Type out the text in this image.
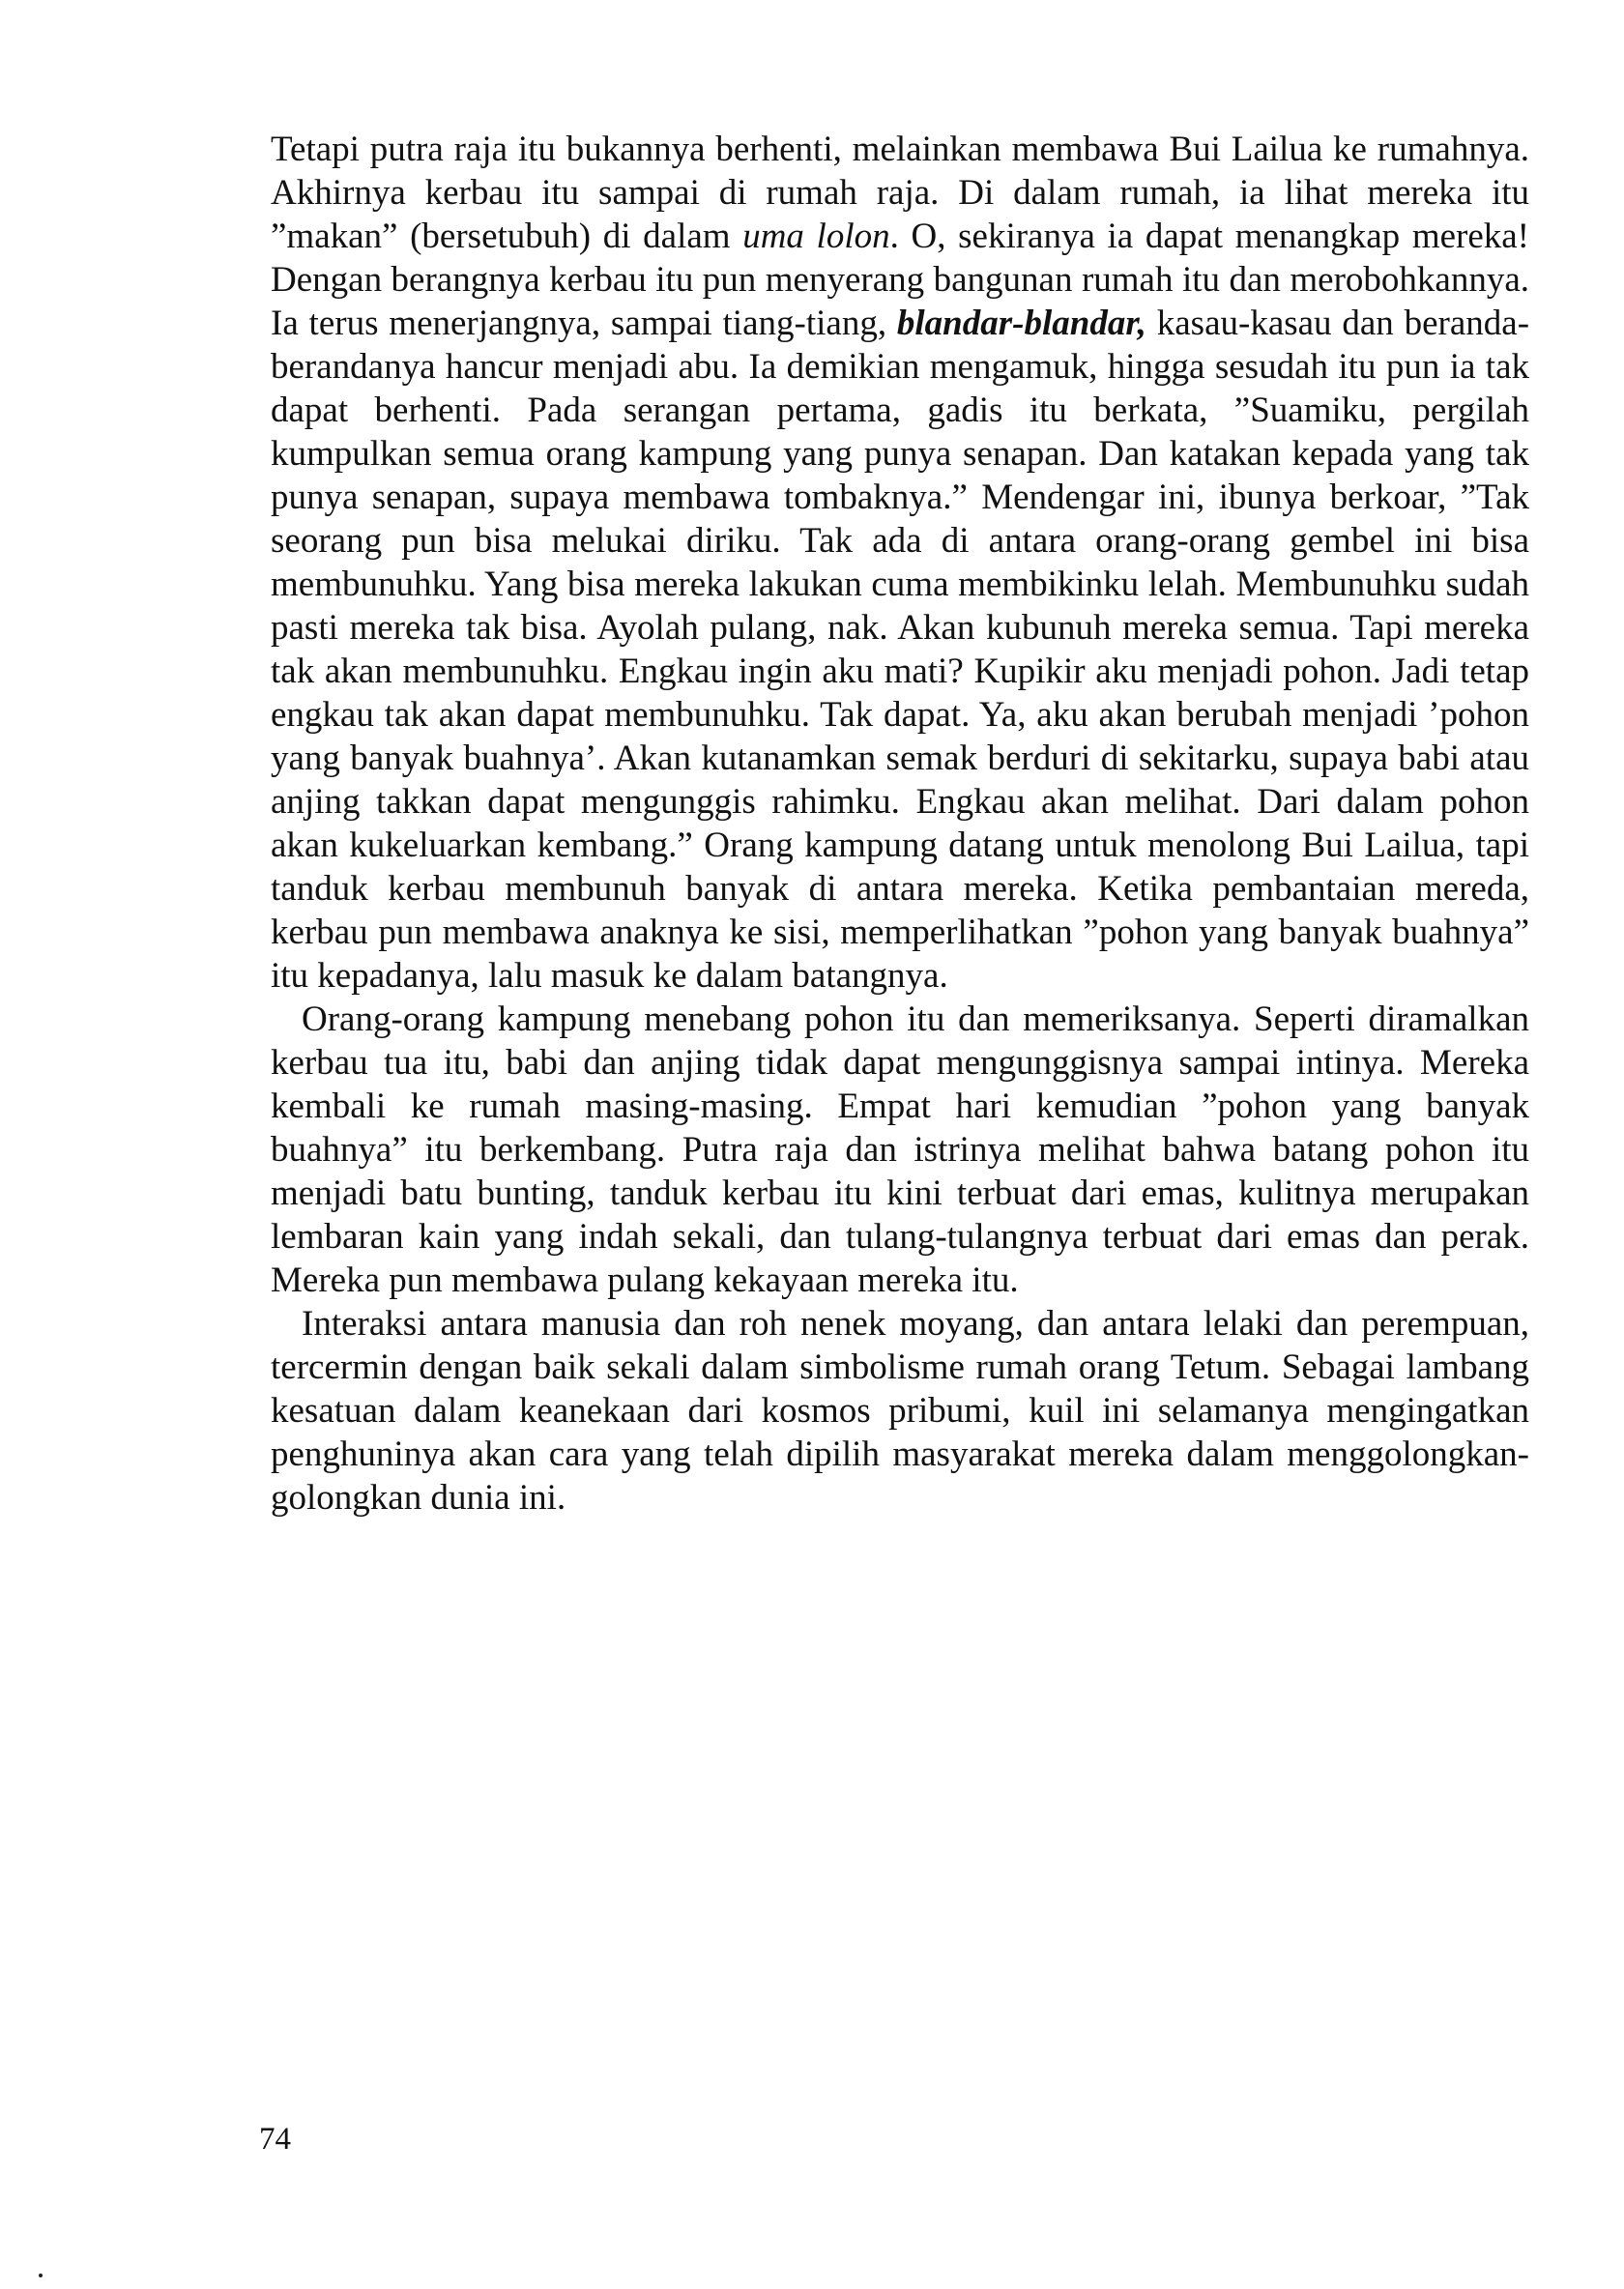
Tetapi putra raja itu bukannya berhenti, melainkan membawa Bui Lailua ke rumahnya. Akhirnya kerbau itu sampai di rumah raja. Di dalam rumah, ia lihat mereka itu ”makan” (bersetubuh) di dalam uma lolon. O, sekiranya ia dapat menangkap mereka! Dengan berangnya kerbau itu pun menyerang bangunan rumah itu dan merobohkannya. Ia terus menerjangnya, sampai tiang-tiang, blandar-blandar, kasau-kasau dan beranda-berandanya hancur menjadi abu. Ia demikian mengamuk, hingga sesudah itu pun ia tak dapat berhenti. Pada serangan pertama, gadis itu berkata, ”Suamiku, pergilah kumpulkan semua orang kampung yang punya senapan. Dan katakan kepada yang tak punya senapan, supaya membawa tombaknya.” Mendengar ini, ibunya berkoar, ”Tak seorang pun bisa melukai diriku. Tak ada di antara orang-orang gembel ini bisa membunuhku. Yang bisa mereka lakukan cuma membikinku lelah. Membunuhku sudah pasti mereka tak bisa. Ayolah pulang, nak. Akan kubunuh mereka semua. Tapi mereka tak akan membunuhku. Engkau ingin aku mati? Kupikir aku menjadi pohon. Jadi tetap engkau tak akan dapat membunuhku. Tak dapat. Ya, aku akan berubah menjadi ’pohon yang banyak buahnya’. Akan kutanamkan semak berduri di sekitarku, supaya babi atau anjing takkan dapat mengunggis rahimku. Engkau akan melihat. Dari dalam pohon akan kukeluarkan kembang.” Orang kampung datang untuk menolong Bui Lailua, tapi tanduk kerbau membunuh banyak di antara mereka. Ketika pembantaian mereda, kerbau pun membawa anaknya ke sisi, memperlihatkan ”pohon yang banyak buahnya” itu kepadanya, lalu masuk ke dalam batangnya.

Orang-orang kampung menebang pohon itu dan memeriksanya. Seperti diramalkan kerbau tua itu, babi dan anjing tidak dapat mengunggisnya sampai intinya. Mereka kembali ke rumah masing-masing. Empat hari kemudian ”pohon yang banyak buahnya” itu berkembang. Putra raja dan istrinya melihat bahwa batang pohon itu menjadi batu bunting, tanduk kerbau itu kini terbuat dari emas, kulitnya merupakan lembaran kain yang indah sekali, dan tulang-tulangnya terbuat dari emas dan perak. Mereka pun membawa pulang kekayaan mereka itu.

Interaksi antara manusia dan roh nenek moyang, dan antara lelaki dan perempuan, tercermin dengan baik sekali dalam simbolisme rumah orang Tetum. Sebagai lambang kesatuan dalam keanekaan dari kosmos pribumi, kuil ini selamanya mengingatkan penghuninya akan cara yang telah dipilih masyarakat mereka dalam menggolongkan-golongkan dunia ini.

74
